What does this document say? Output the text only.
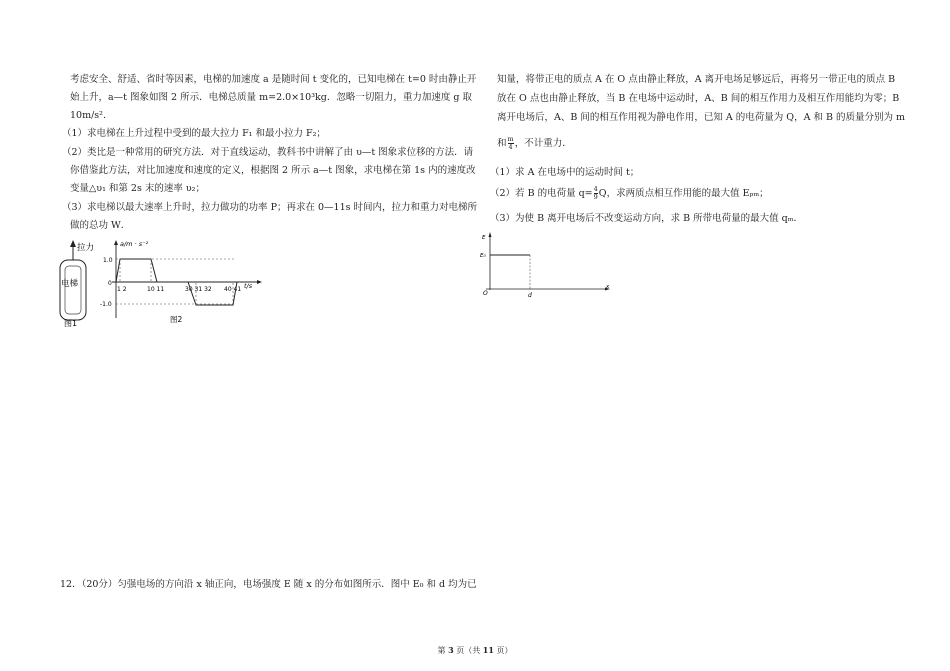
考虑安全、舒适、省时等因素，电梯的加速度 a 是随时间 t 变化的，已知电梯在 t=0 时由静止开
始上升，a—t 图象如图 2 所示．电梯总质量 m=2.0×10³kg．忽略一切阻力，重力加速度 g 取
10m/s².
（1）求电梯在上升过程中受到的最大拉力 F₁ 和最小拉力 F₂；
（2）类比是一种常用的研究方法．对于直线运动，教科书中讲解了由 υ—t 图象求位移的方法．请
你借鉴此方法，对比加速度和速度的定义，根据图 2 所示 a—t 图象，求电梯在第 1s 内的速度改
变量△υ₁ 和第 2s 末的速率 υ₂；
（3）求电梯以最大速率上升时，拉力做功的功率 P；再求在 0—11s 时间内，拉力和重力对电梯所
做的总功 W．
拉力
电梯
图1
a/m · s⁻²
t/s
0
1.0
-1.0
1 2	10 11	30 31 32 40 41
图2
知量，将带正电的质点 A 在 O 点由静止释放，A 离开电场足够远后，再将另一带正电的质点 B
放在 O 点也由静止释放，当 B 在电场中运动时，A、B 间的相互作用力及相互作用能均为零；B
离开电场后，A、B 间的相互作用视为静电作用，已知 A 的电荷量为 Q，A 和 B 的质量分别为 m
和 $\frac{m}{4}$ ，不计重力．
（1）求 A 在电场中的运动时间 t；
（2）若 B 的电荷量 $q= \frac{4}{9}$ Q，求两质点相互作用能的最大值 Eₚₘ；
（3）为使 B 离开电场后不改变运动方向，求 B 所带电荷量的最大值 qₘ．
E
E₀
O	d
x
12．（20分）匀强电场的方向沿 x 轴正向，电场强度 E 随 x 的分布如图所示．图中 E₀ 和 d 均为已
第 3 页（共 11 页）
